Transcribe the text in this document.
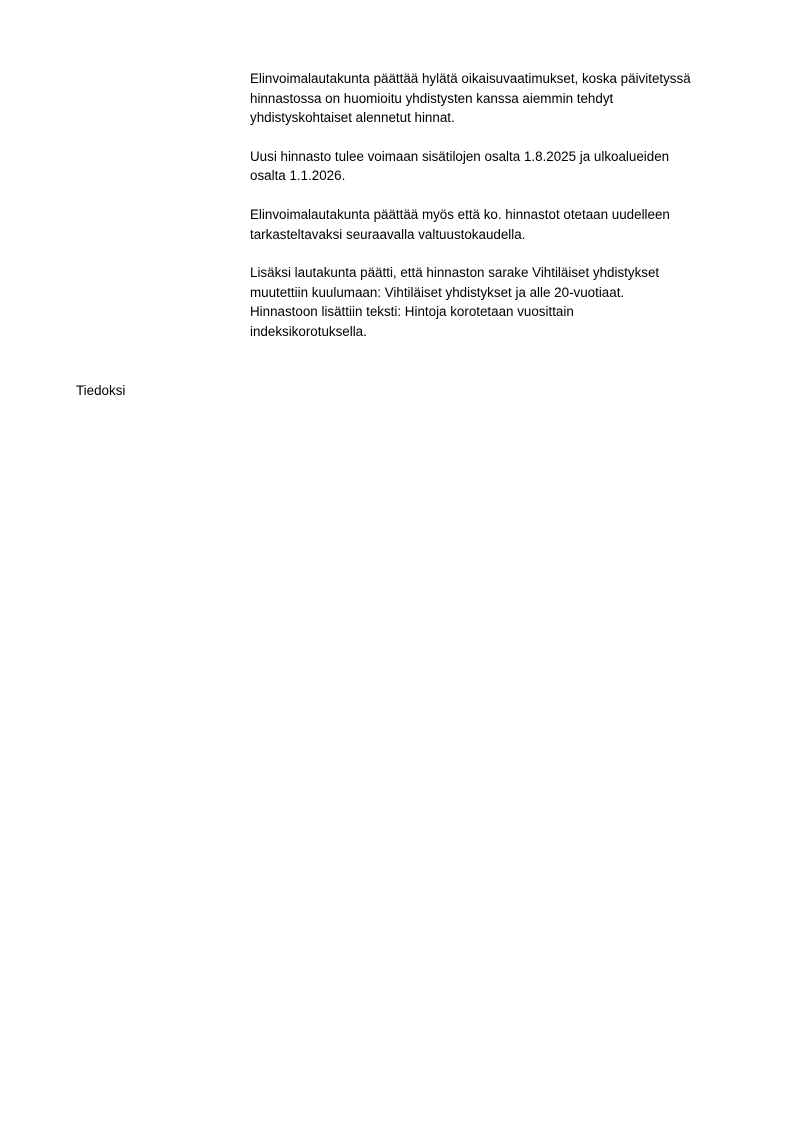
Elinvoimalautakunta päättää hylätä oikaisuvaatimukset, koska päivitetyssä
hinnastossa on huomioitu yhdistysten kanssa aiemmin tehdyt
yhdistyskohtaiset alennetut hinnat.

Uusi hinnasto tulee voimaan sisätilojen osalta 1.8.2025 ja ulkoalueiden
osalta 1.1.2026.

Elinvoimalautakunta päättää myös että ko. hinnastot otetaan uudelleen
tarkasteltavaksi seuraavalla valtuustokaudella.

Lisäksi lautakunta päätti, että hinnaston sarake Vihtiläiset yhdistykset
muutettiin kuulumaan: Vihtiläiset yhdistykset ja alle 20-vuotiaat.
Hinnastoon lisättiin teksti: Hintoja korotetaan vuosittain
indeksikorotuksella.

Tiedoksi
